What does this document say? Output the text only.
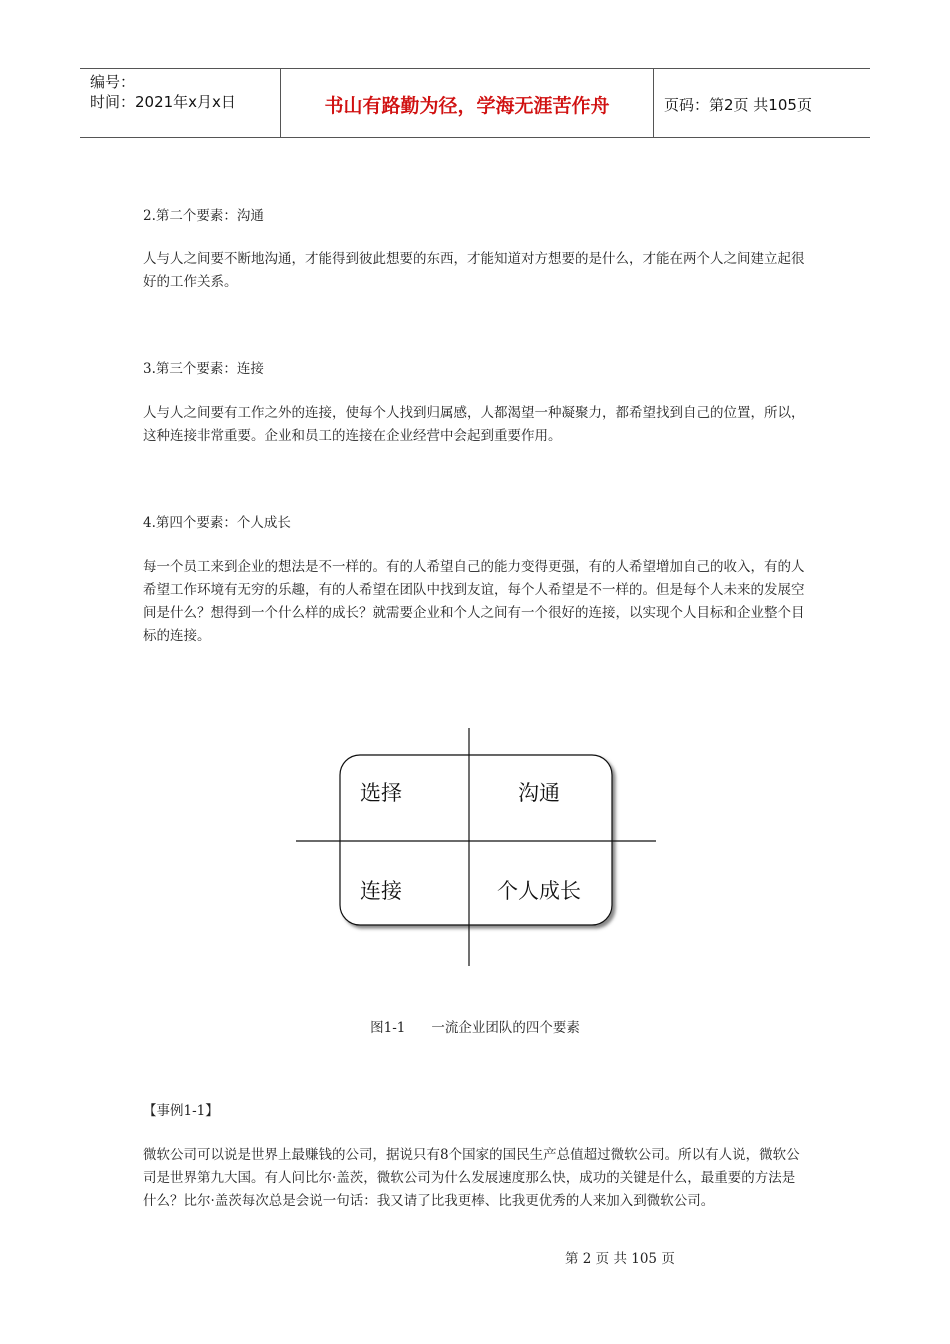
编号：
时间：2021年x月x日	书山有路勤为径，学海无涯苦作舟	页码：第2页 共105页

2.第二个要素：沟通

人与人之间要不断地沟通，才能得到彼此想要的东西，才能知道对方想要的是什么，才能在两个人之间建立起很好的工作关系。

3.第三个要素：连接

人与人之间要有工作之外的连接，使每个人找到归属感，人都渴望一种凝聚力，都希望找到自己的位置，所以，这种连接非常重要。企业和员工的连接在企业经营中会起到重要作用。

4.第四个要素：个人成长

每一个员工来到企业的想法是不一样的。有的人希望自己的能力变得更强，有的人希望增加自己的收入，有的人希望工作环境有无穷的乐趣，有的人希望在团队中找到友谊，每个人希望是不一样的。但是每个人未来的发展空间是什么？想得到一个什么样的成长？就需要企业和个人之间有一个很好的连接，以实现个人目标和企业整个目标的连接。

选择	沟通
连接	个人成长
图1-1 一流企业团队的四个要素

【事例1-1】

微软公司可以说是世界上最赚钱的公司，据说只有8个国家的国民生产总值超过微软公司。所以有人说，微软公司是世界第九大国。有人问比尔·盖茨，微软公司为什么发展速度那么快，成功的关键是什么，最重要的方法是什么？比尔·盖茨每次总是会说一句话：我又请了比我更棒、比我更优秀的人来加入到微软公司。

第 2 页 共 105 页
